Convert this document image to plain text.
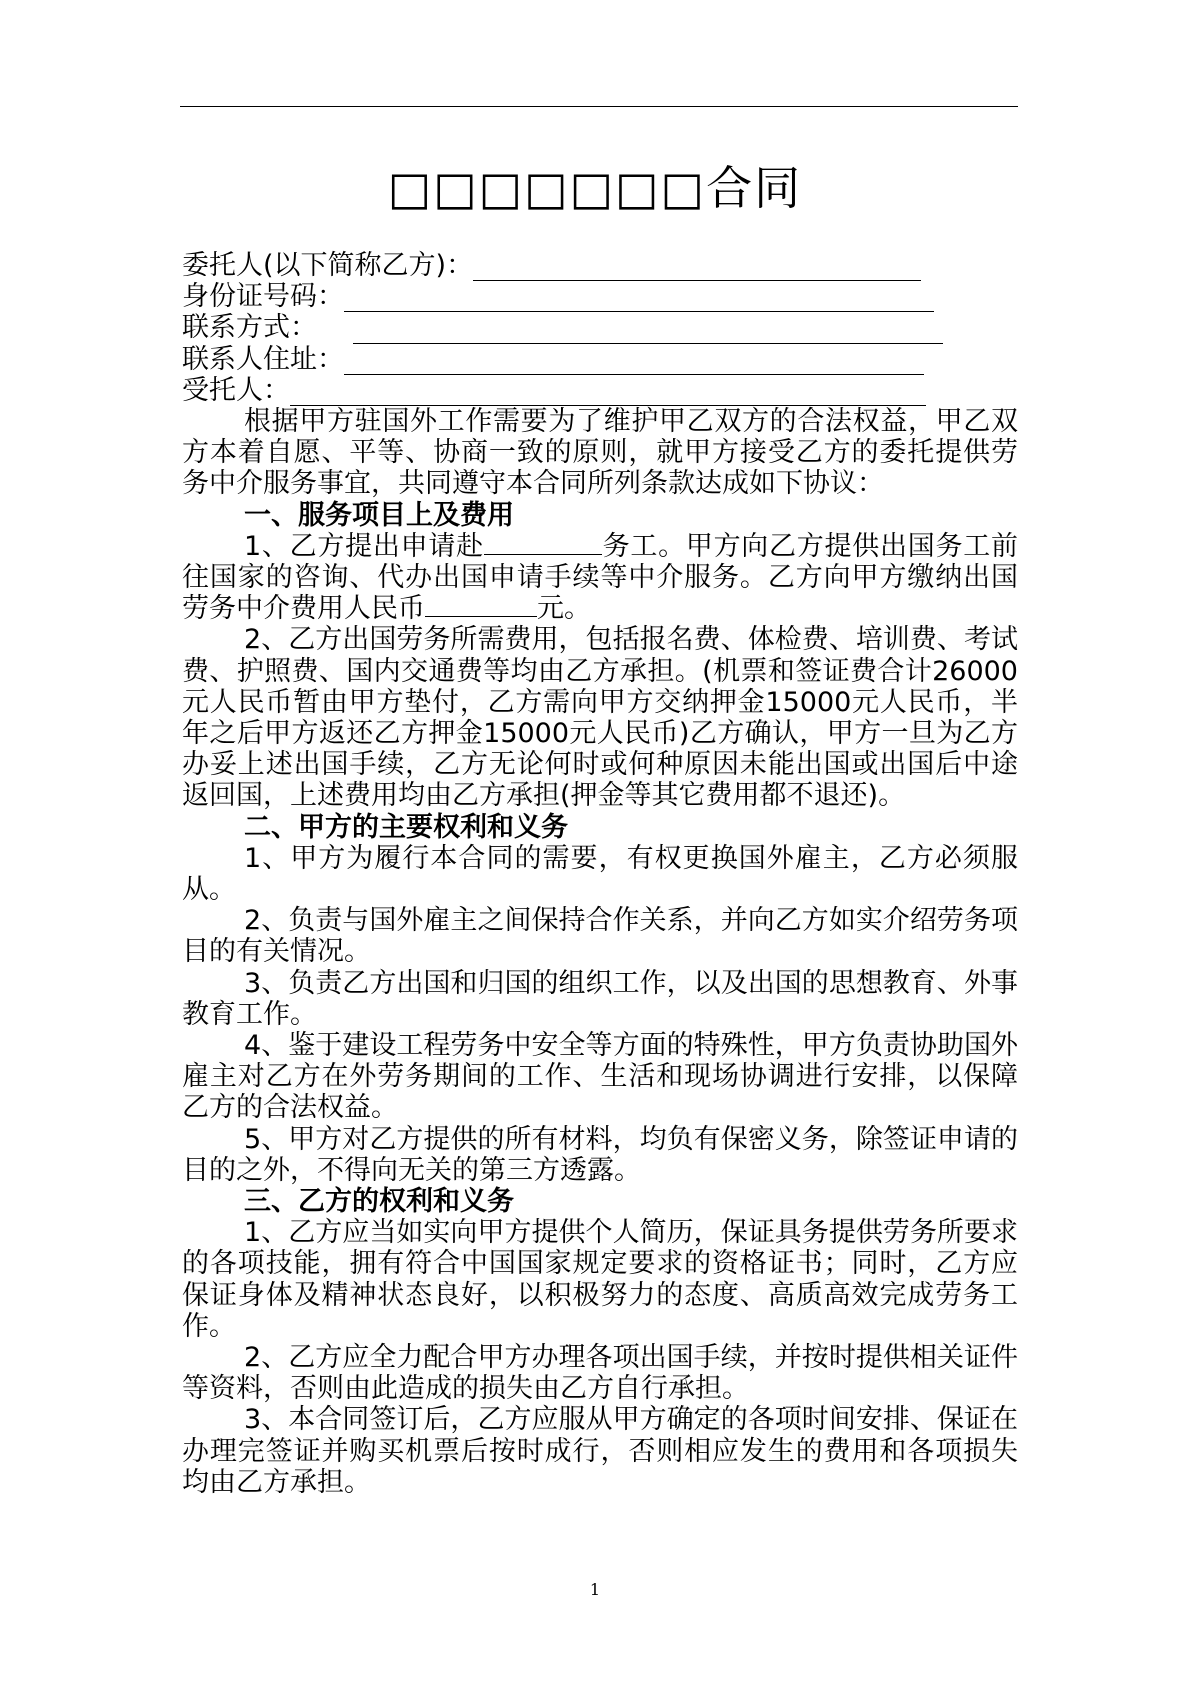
□□□□□□□合同
委托人(以下简称乙方)：
身份证号码：
联系方式：
联系人住址：
受托人：

根据甲方驻国外工作需要为了维护甲乙双方的合法权益，甲乙双方本着自愿、平等、协商一致的原则，就甲方接受乙方的委托提供劳务中介服务事宜，共同遵守本合同所列条款达成如下协议：

一、服务项目上及费用

1、乙方提出申请赴	务工。甲方向乙方提供出国务工前往国家的咨询、代办出国申请手续等中介服务。乙方向甲方缴纳出国劳务中介费用人民币	元。

2、乙方出国劳务所需费用，包括报名费、体检费、培训费、考试费、护照费、国内交通费等均由乙方承担。(机票和签证费合计26000元人民币暂由甲方垫付，乙方需向甲方交纳押金15000元人民币，半年之后甲方返还乙方押金15000元人民币)乙方确认，甲方一旦为乙方办妥上述出国手续，乙方无论何时或何种原因未能出国或出国后中途返回国，上述费用均由乙方承担(押金等其它费用都不退还)。

二、甲方的主要权利和义务

1、甲方为履行本合同的需要，有权更换国外雇主，乙方必须服从。

2、负责与国外雇主之间保持合作关系，并向乙方如实介绍劳务项目的有关情况。

3、负责乙方出国和归国的组织工作，以及出国的思想教育、外事教育工作。

4、鉴于建设工程劳务中安全等方面的特殊性，甲方负责协助国外雇主对乙方在外劳务期间的工作、生活和现场协调进行安排，以保障乙方的合法权益。

5、甲方对乙方提供的所有材料，均负有保密义务，除签证申请的目的之外，不得向无关的第三方透露。

三、乙方的权利和义务

1、乙方应当如实向甲方提供个人简历，保证具务提供劳务所要求的各项技能，拥有符合中国国家规定要求的资格证书；同时，乙方应保证身体及精神状态良好，以积极努力的态度、高质高效完成劳务工作。

2、乙方应全力配合甲方办理各项出国手续，并按时提供相关证件等资料，否则由此造成的损失由乙方自行承担。

3、本合同签订后，乙方应服从甲方确定的各项时间安排、保证在办理完签证并购买机票后按时成行，否则相应发生的费用和各项损失均由乙方承担。

1
